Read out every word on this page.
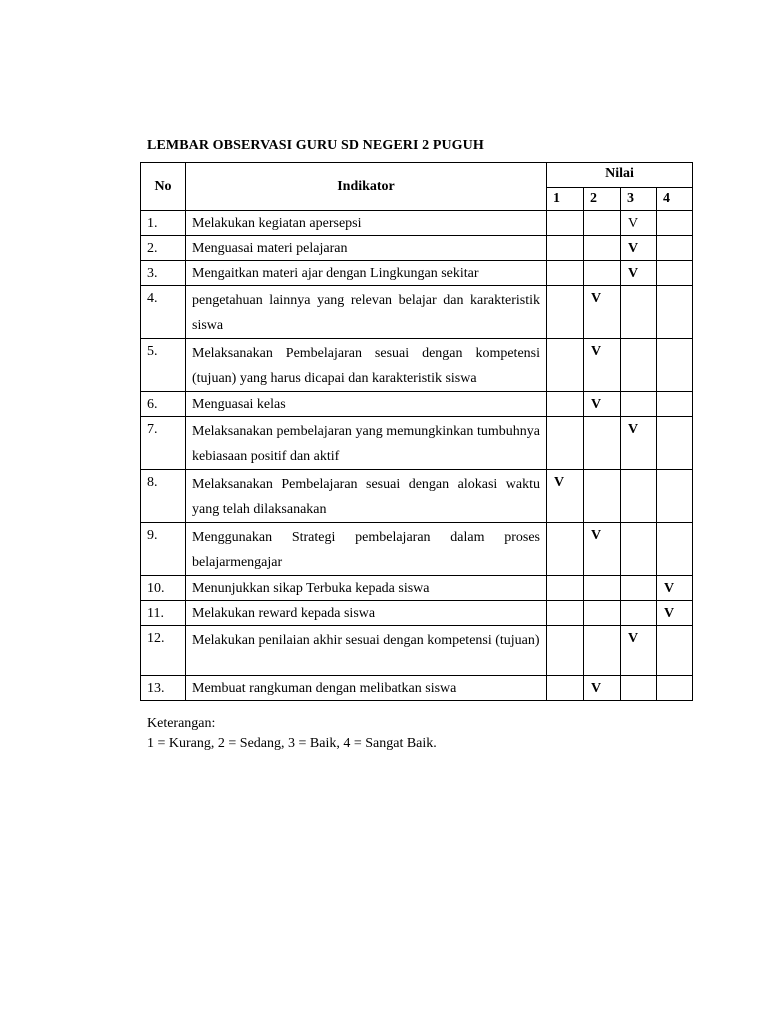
LEMBAR OBSERVASI GURU SD NEGERI 2 PUGUH
No	Indikator	Nilai			
		1	2	3	4
1.	Melakukan kegiatan apersepsi			V	
2.	Menguasai materi pelajaran			V	
3.	Mengaitkan materi ajar dengan Lingkungan sekitar			V	
4.	pengetahuan lainnya yang relevan belajar dan karakteristik siswa		V		
5.	Melaksanakan Pembelajaran sesuai dengan kompetensi (tujuan) yang harus dicapai dan karakteristik siswa		V		
6.	Menguasai kelas		V		
7.	Melaksanakan pembelajaran yang memungkinkan tumbuhnya kebiasaan positif dan aktif			V	
8.	Melaksanakan Pembelajaran sesuai dengan alokasi waktu yang telah dilaksanakan	V			
9.	Menggunakan Strategi pembelajaran dalam proses belajarmengajar		V		
10.	Menunjukkan sikap Terbuka kepada siswa				V
11.	Melakukan reward kepada siswa				V
12.	Melakukan penilaian akhir sesuai dengan kompetensi (tujuan)			V	
13.	Membuat rangkuman dengan melibatkan siswa		V		
Keterangan:
1 = Kurang, 2 = Sedang, 3 = Baik, 4 = Sangat Baik.
